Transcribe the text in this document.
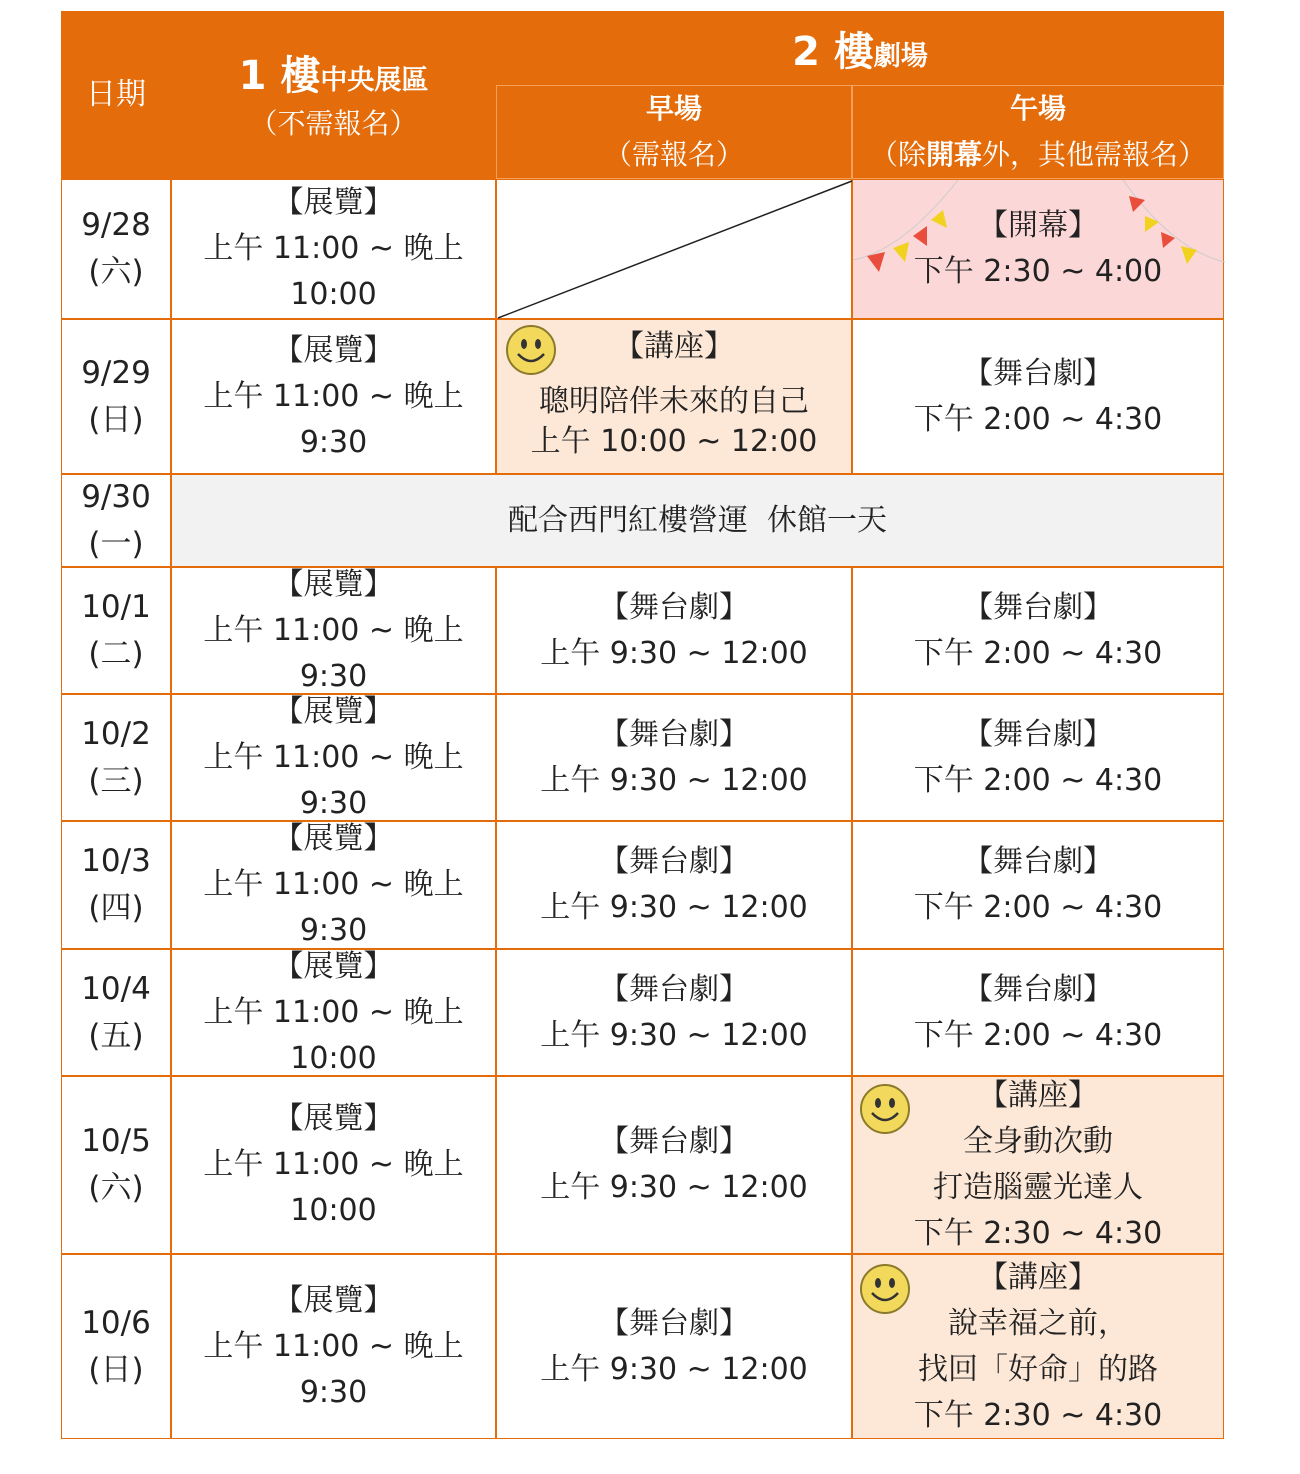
日期 1 樓中央展區
（不需報名）
2 樓劇場
早場
（需報名）
午場
（除開幕外，其他需報名）
9/28
(六)
【展覽】
上午 11:00 ~ 晚上 10:00
【開幕】
下午 2:30 ~ 4:00
9/29
(日)
【展覽】
上午 11:00 ~ 晚上 9:30
【講座】
聰明陪伴未來的自己
上午 10:00 ~ 12:00
【舞台劇】
下午 2:00 ~ 4:30
9/30
(一)
配合西門紅樓營運  休館一天
10/1
(二)
【展覽】
上午 11:00 ~ 晚上 9:30
【舞台劇】
上午 9:30 ~ 12:00
【舞台劇】
下午 2:00 ~ 4:30
10/2
(三)
【展覽】
上午 11:00 ~ 晚上 9:30
【舞台劇】
上午 9:30 ~ 12:00
【舞台劇】
下午 2:00 ~ 4:30
10/3
(四)
【展覽】
上午 11:00 ~ 晚上 9:30
【舞台劇】
上午 9:30 ~ 12:00
【舞台劇】
下午 2:00 ~ 4:30
10/4
(五)
【展覽】
上午 11:00 ~ 晚上 10:00
【舞台劇】
上午 9:30 ~ 12:00
【舞台劇】
下午 2:00 ~ 4:30
10/5
(六)
【展覽】
上午 11:00 ~ 晚上 10:00
【舞台劇】
上午 9:30 ~ 12:00
【講座】
全身動次動
打造腦靈光達人
下午 2:30 ~ 4:30
10/6
(日)
【展覽】
上午 11:00 ~ 晚上 9:30
【舞台劇】
上午 9:30 ~ 12:00
【講座】
說幸福之前，
找回「好命」的路
下午 2:30 ~ 4:30
